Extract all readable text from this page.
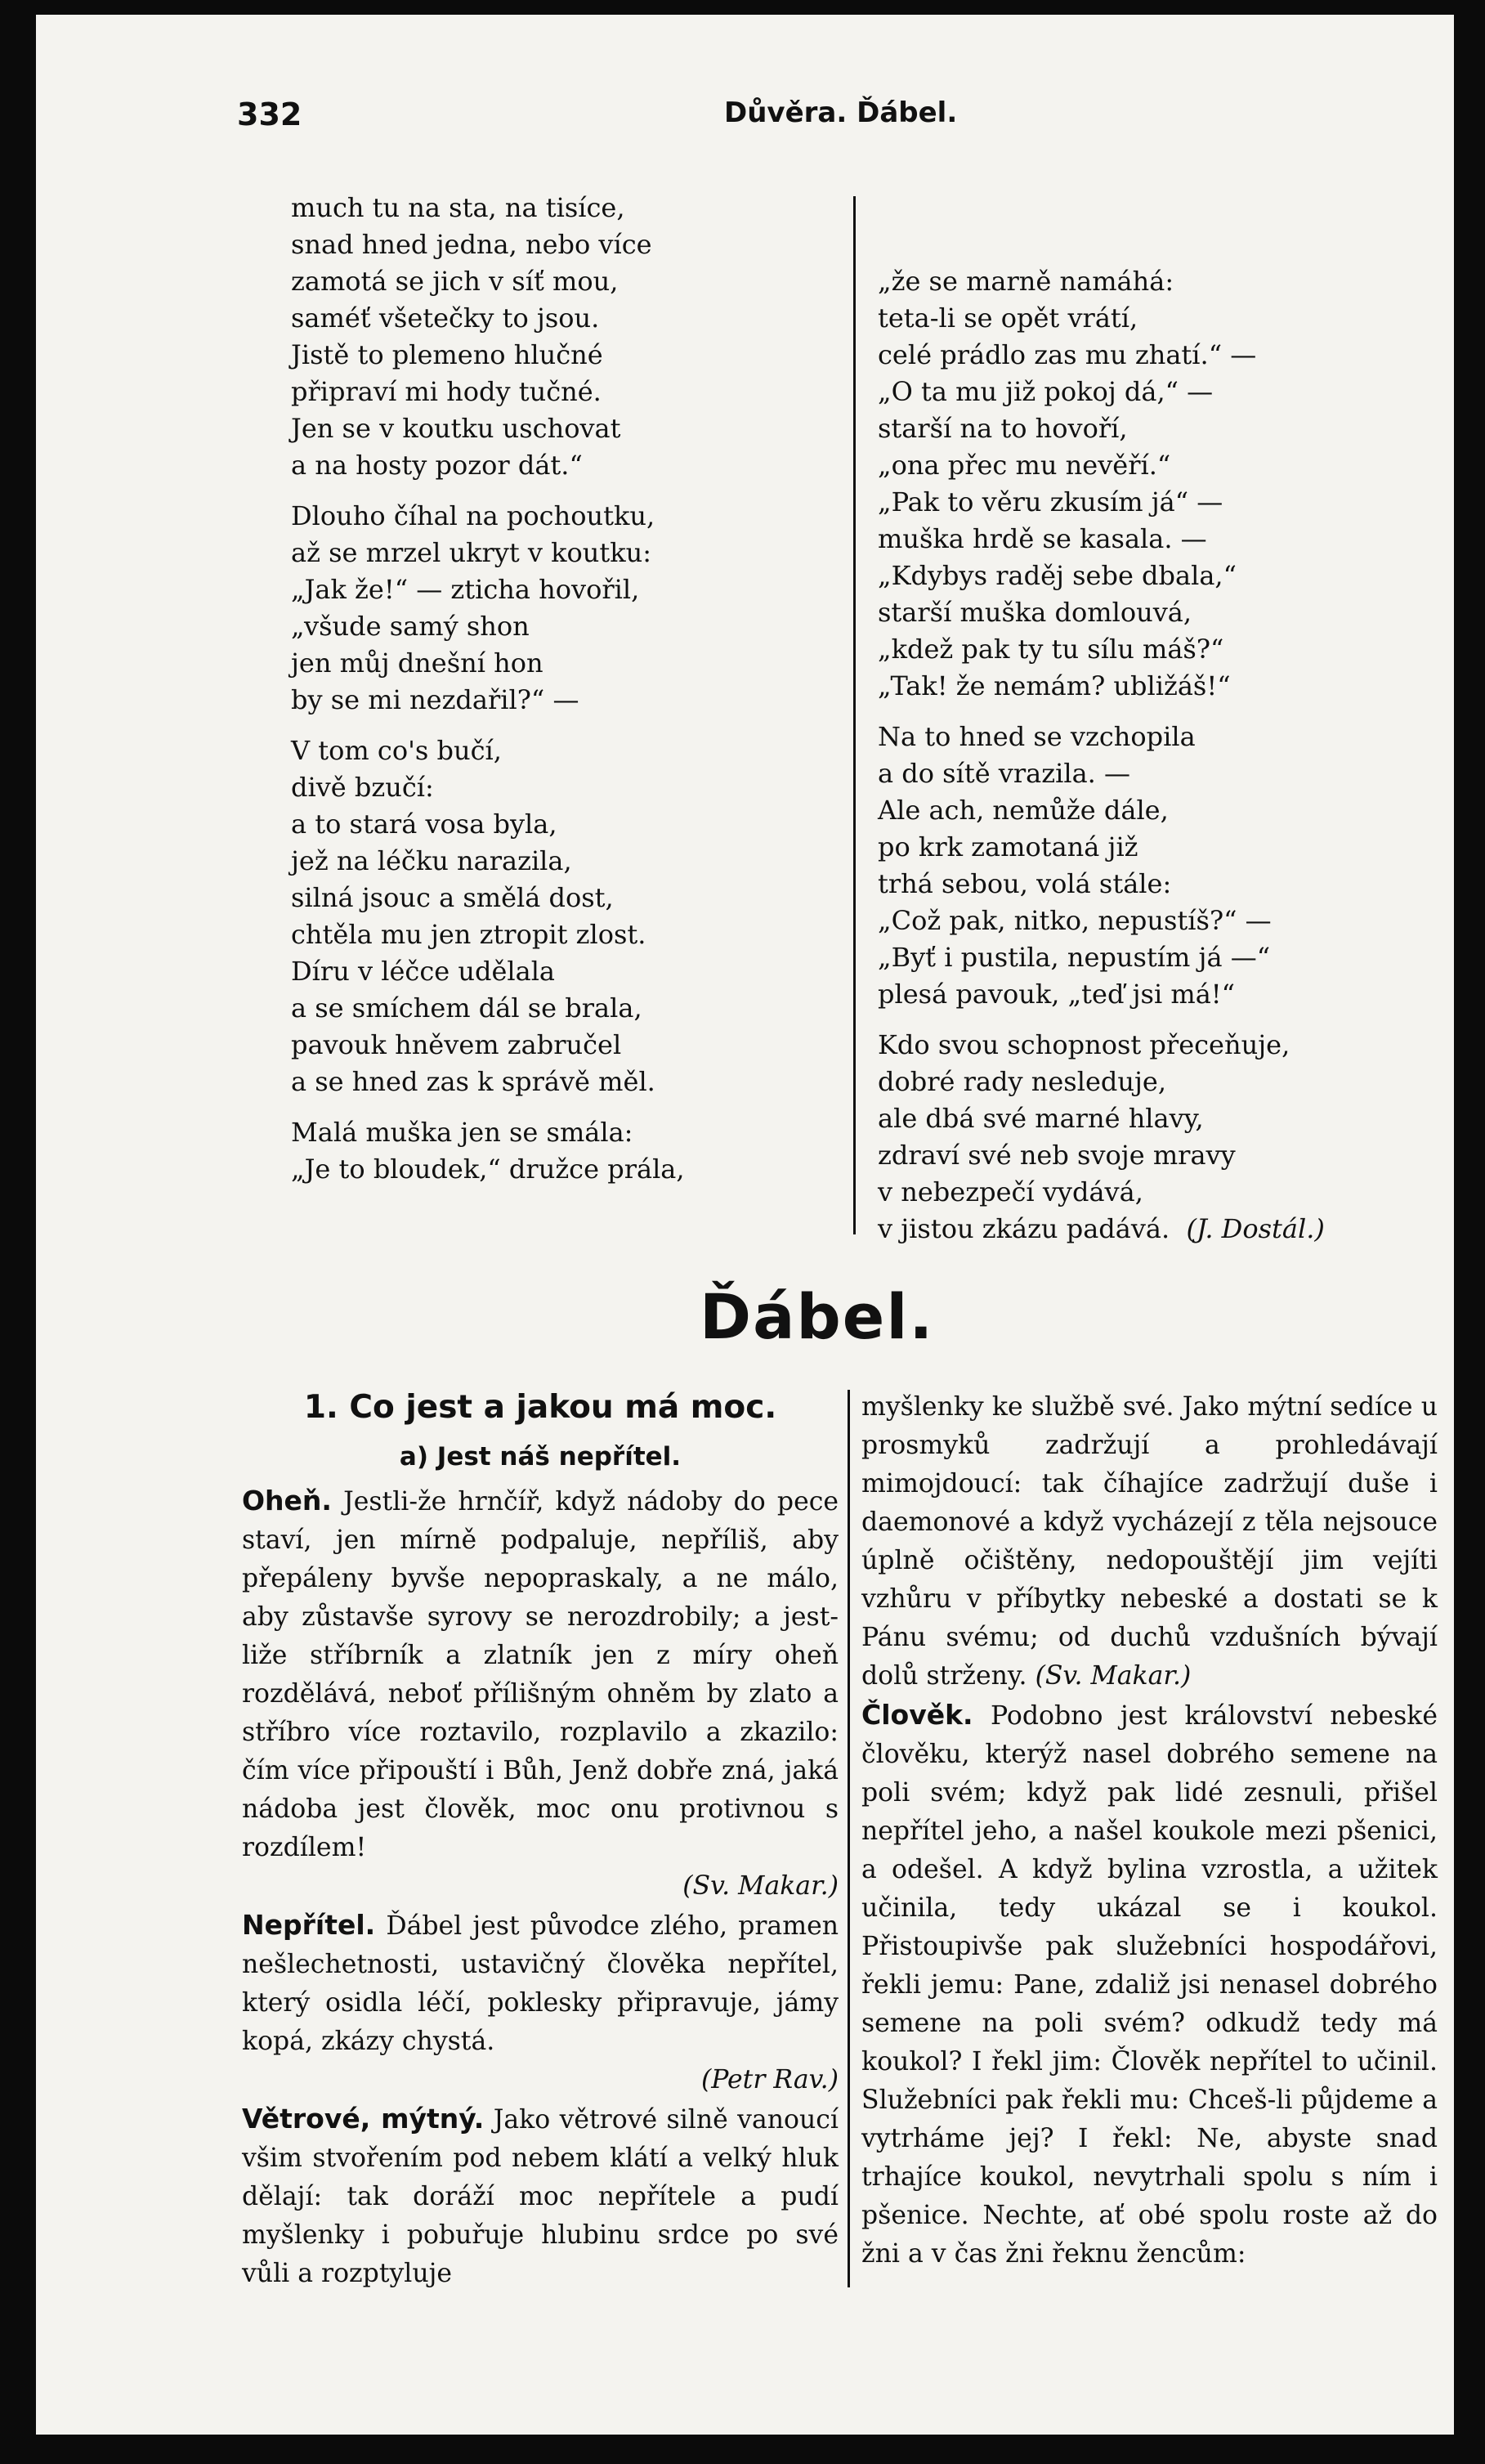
332	Důvěra. Ďábel.
much tu na sta, na tisíce,
snad hned jedna, nebo více
zamotá se jich v síť mou,
saméť všetečky to jsou.
Jistě to plemeno hlučné
připraví mi hody tučné.
Jen se v koutku uschovat
a na hosty pozor dát.“
Dlouho číhal na pochoutku,
až se mrzel ukryt v koutku:
„Jak že!“ — zticha hovořil,
„všude samý shon
jen můj dnešní hon
by se mi nezdařil?“ —
V tom co's bučí,
divě bzučí:
a to stará vosa byla,
jež na léčku narazila,
silná jsouc a smělá dost,
chtěla mu jen ztropit zlost.
Díru v léčce udělala
a se smíchem dál se brala,
pavouk hněvem zabručel
a se hned zas k správě měl.
Malá muška jen se smála:
„Je to bloudek,“ družce prála,

„že se marně namáhá:
teta-li se opět vrátí,
celé prádlo zas mu zhatí.“ —
„O ta mu již pokoj dá,“ —
starší na to hovoří,
„ona přec mu nevěří.“
„Pak to věru zkusím já“ —
muška hrdě se kasala. —
„Kdybys raděj sebe dbala,“
starší muška domlouvá,
„kdež pak ty tu sílu máš?“
„Tak! že nemám? ubližáš!“
Na to hned se vzchopila
a do sítě vrazila. —
Ale ach, nemůže dále,
po krk zamotaná již
trhá sebou, volá stále:
„Což pak, nitko, nepustíš?“ —
„Byť i pustila, nepustím já —“
plesá pavouk, „teď jsi má!“
Kdo svou schopnost přeceňuje,
dobré rady nesleduje,
ale dbá své marné hlavy,
zdraví své neb svoje mravy
v nebezpečí vydává,
v jistou zkázu padává. (J. Dostál.)
Ďábel.
1. Co jest a jakou má moc.
a) Jest náš nepřítel.

Oheň. Jestli-že hrnčíř, když nádoby do pece staví, jen mírně podpaluje, nepříliš, aby přepáleny byvše nepopraskaly, a ne málo, aby zůstavše syrovy se nerozdrobily; a jest-liže stříbrník a zlatník jen z míry oheň rozdělává, neboť přílišným ohněm by zlato a stříbro více roztavilo, rozplavilo a zkazilo: čím více připouští i Bůh, Jenž dobře zná, jaká nádoba jest člověk, moc onu protivnou s rozdílem!

(Sv. Makar.)

Nepřítel. Ďábel jest původce zlého, pramen nešlechetnosti, ustavičný člověka nepřítel, který osidla léčí, poklesky připravuje, jámy kopá, zkázy chystá.

(Petr Rav.)

Větrové, mýtný. Jako větrové silně vanoucí všim stvořením pod nebem klátí a velký hluk dělají: tak doráží moc nepřítele a pudí myšlenky i pobuřuje hlubinu srdce po své vůli a rozptyluje

myšlenky ke službě své. Jako mýtní sedíce u prosmyků zadržují a prohledávají mimojdoucí: tak číhajíce zadržují duše i daemonové a když vycházejí z těla nejsouce úplně očištěny, nedopouštějí jim vejíti vzhůru v příbytky nebeské a dostati se k Pánu svému; od duchů vzdušních bývají dolů strženy. (Sv. Makar.)

Člověk. Podobno jest království nebeské člověku, kterýž nasel dobrého semene na poli svém; když pak lidé zesnuli, přišel nepřítel jeho, a našel koukole mezi pšenici, a odešel. A když bylina vzrostla, a užitek učinila, tedy ukázal se i koukol. Přistoupivše pak služebníci hospodářovi, řekli jemu: Pane, zdaliž jsi nenasel dobrého semene na poli svém? odkudž tedy má koukol? I řekl jim: Člověk nepřítel to učinil. Služebníci pak řekli mu: Chceš-li půjdeme a vytrháme jej? I řekl: Ne, abyste snad trhajíce koukol, nevytrhali spolu s ním i pšenice. Nechte, ať obé spolu roste až do žni a v čas žni řeknu žencům:
